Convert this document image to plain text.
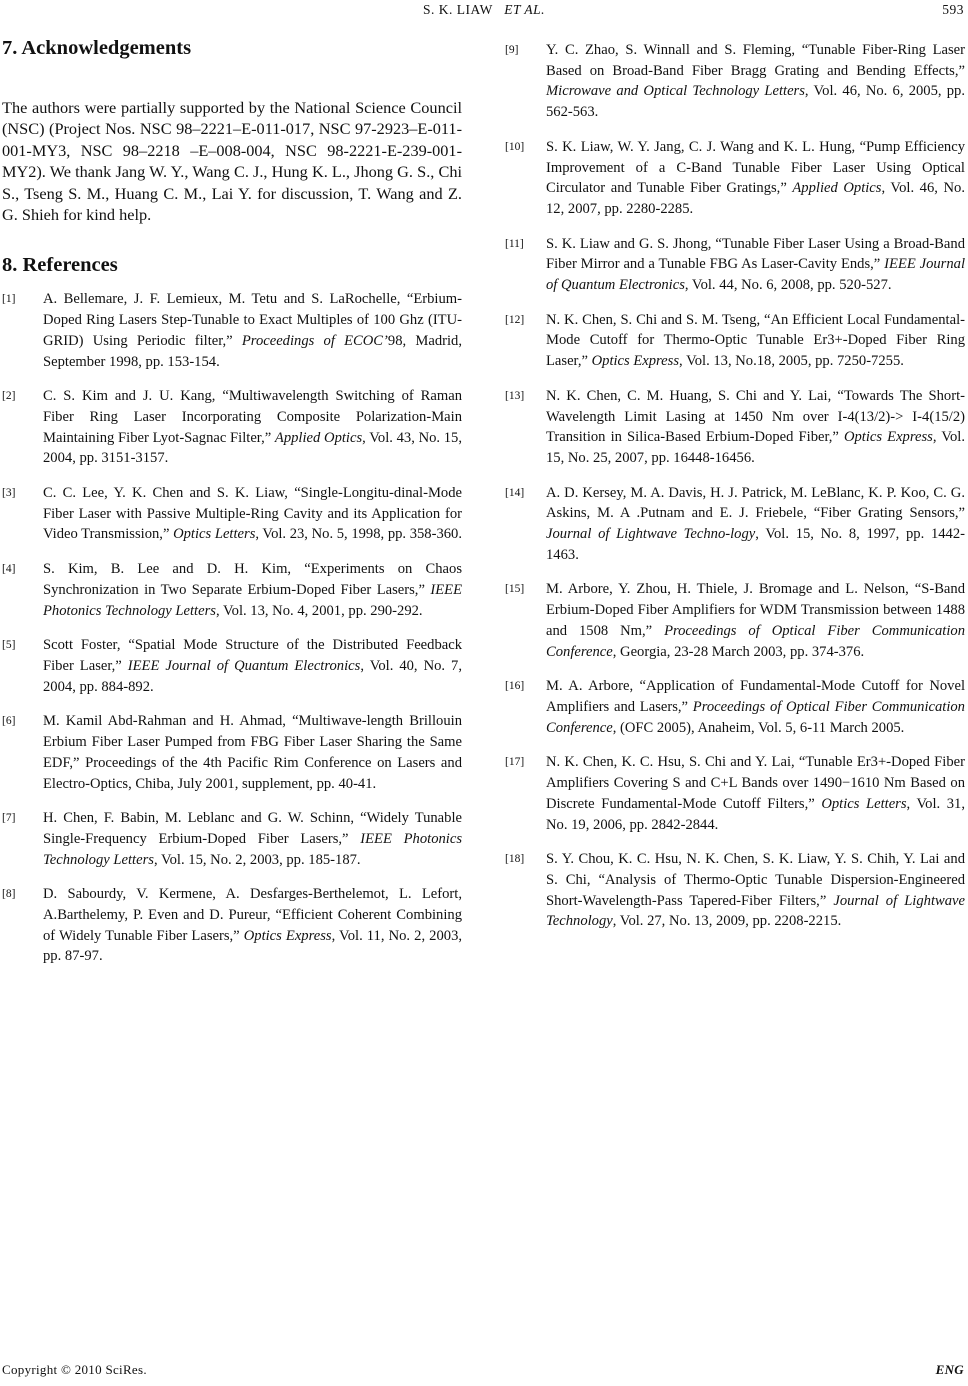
S. K. LIAW ET AL.	593
7. Acknowledgements

The authors were partially supported by the National Science Council (NSC) (Project Nos. NSC 98–2221–E-011-017, NSC 97-2923–E-011-001-MY3, NSC 98–2218 –E–008-004, NSC 98-2221-E-239-001-MY2). We thank Jang W. Y., Wang C. J., Hung K. L., Jhong G. S., Chi S., Tseng S. M., Huang C. M., Lai Y. for discussion, T. Wang and Z. G. Shieh for kind help.

8. References
[1] A. Bellemare, J. F. Lemieux, M. Tetu and S. LaRochelle, “Erbium-Doped Ring Lasers Step-Tunable to Exact Multiples of 100 Ghz (ITU-GRID) Using Periodic filter,” Proceedings of ECOC’98, Madrid, September 1998, pp. 153-154.
[2] C. S. Kim and J. U. Kang, “Multiwavelength Switching of Raman Fiber Ring Laser Incorporating Composite Polarization-Main Maintaining Fiber Lyot-Sagnac Filter,” Applied Optics, Vol. 43, No. 15, 2004, pp. 3151-3157.
[3] C. C. Lee, Y. K. Chen and S. K. Liaw, “Single-Longitu-dinal-Mode Fiber Laser with Passive Multiple-Ring Cavity and its Application for Video Transmission,” Optics Letters, Vol. 23, No. 5, 1998, pp. 358-360.
[4] S. Kim, B. Lee and D. H. Kim, “Experiments on Chaos Synchronization in Two Separate Erbium-Doped Fiber Lasers,” IEEE Photonics Technology Letters, Vol. 13, No. 4, 2001, pp. 290-292.
[5] Scott Foster, “Spatial Mode Structure of the Distributed Feedback Fiber Laser,” IEEE Journal of Quantum Electronics, Vol. 40, No. 7, 2004, pp. 884-892.
[6] M. Kamil Abd-Rahman and H. Ahmad, “Multiwave-length Brillouin Erbium Fiber Laser Pumped from FBG Fiber Laser Sharing the Same EDF,” Proceedings of the 4th Pacific Rim Conference on Lasers and Electro-Optics, Chiba, July 2001, supplement, pp. 40-41.
[7] H. Chen, F. Babin, M. Leblanc and G. W. Schinn, “Widely Tunable Single-Frequency Erbium-Doped Fiber Lasers,” IEEE Photonics Technology Letters, Vol. 15, No. 2, 2003, pp. 185-187.
[8] D. Sabourdy, V. Kermene, A. Desfarges-Berthelemot, L. Lefort, A.Barthelemy, P. Even and D. Pureur, “Efficient Coherent Combining of Widely Tunable Fiber Lasers,” Optics Express, Vol. 11, No. 2, 2003, pp. 87-97.
[9] Y. C. Zhao, S. Winnall and S. Fleming, “Tunable Fiber-Ring Laser Based on Broad-Band Fiber Bragg Grating and Bending Effects,” Microwave and Optical Technology Letters, Vol. 46, No. 6, 2005, pp. 562-563.
[10] S. K. Liaw, W. Y. Jang, C. J. Wang and K. L. Hung, “Pump Efficiency Improvement of a C-Band Tunable Fiber Laser Using Optical Circulator and Tunable Fiber Gratings,” Applied Optics, Vol. 46, No. 12, 2007, pp. 2280-2285.
[11] S. K. Liaw and G. S. Jhong, “Tunable Fiber Laser Using a Broad-Band Fiber Mirror and a Tunable FBG As Laser-Cavity Ends,” IEEE Journal of Quantum Electronics, Vol. 44, No. 6, 2008, pp. 520-527.
[12] N. K. Chen, S. Chi and S. M. Tseng, “An Efficient Local Fundamental-Mode Cutoff for Thermo-Optic Tunable Er3+-Doped Fiber Ring Laser,” Optics Express, Vol. 13, No.18, 2005, pp. 7250-7255.
[13] N. K. Chen, C. M. Huang, S. Chi and Y. Lai, “Towards The Short-Wavelength Limit Lasing at 1450 Nm over I-4(13/2)-> I-4(15/2) Transition in Silica-Based Erbium-Doped Fiber,” Optics Express, Vol. 15, No. 25, 2007, pp. 16448-16456.
[14] A. D. Kersey, M. A. Davis, H. J. Patrick, M. LeBlanc, K. P. Koo, C. G. Askins, M. A .Putnam and E. J. Friebele, “Fiber Grating Sensors,” Journal of Lightwave Techno-logy, Vol. 15, No. 8, 1997, pp. 1442-1463.
[15] M. Arbore, Y. Zhou, H. Thiele, J. Bromage and L. Nelson, “S-Band Erbium-Doped Fiber Amplifiers for WDM Transmission between 1488 and 1508 Nm,” Proceedings of Optical Fiber Communication Conference, Georgia, 23-28 March 2003, pp. 374-376.
[16] M. A. Arbore, “Application of Fundamental-Mode Cutoff for Novel Amplifiers and Lasers,” Proceedings of Optical Fiber Communication Conference, (OFC 2005), Anaheim, Vol. 5, 6-11 March 2005.
[17] N. K. Chen, K. C. Hsu, S. Chi and Y. Lai, “Tunable Er3+-Doped Fiber Amplifiers Covering S and C+L Bands over 1490−1610 Nm Based on Discrete Fundamental-Mode Cutoff Filters,” Optics Letters, Vol. 31, No. 19, 2006, pp. 2842-2844.
[18] S. Y. Chou, K. C. Hsu, N. K. Chen, S. K. Liaw, Y. S. Chih, Y. Lai and S. Chi, “Analysis of Thermo-Optic Tunable Dispersion-Engineered Short-Wavelength-Pass Tapered-Fiber Filters,” Journal of Lightwave Technology, Vol. 27, No. 13, 2009, pp. 2208-2215.
Copyright © 2010 SciRes.	ENG
